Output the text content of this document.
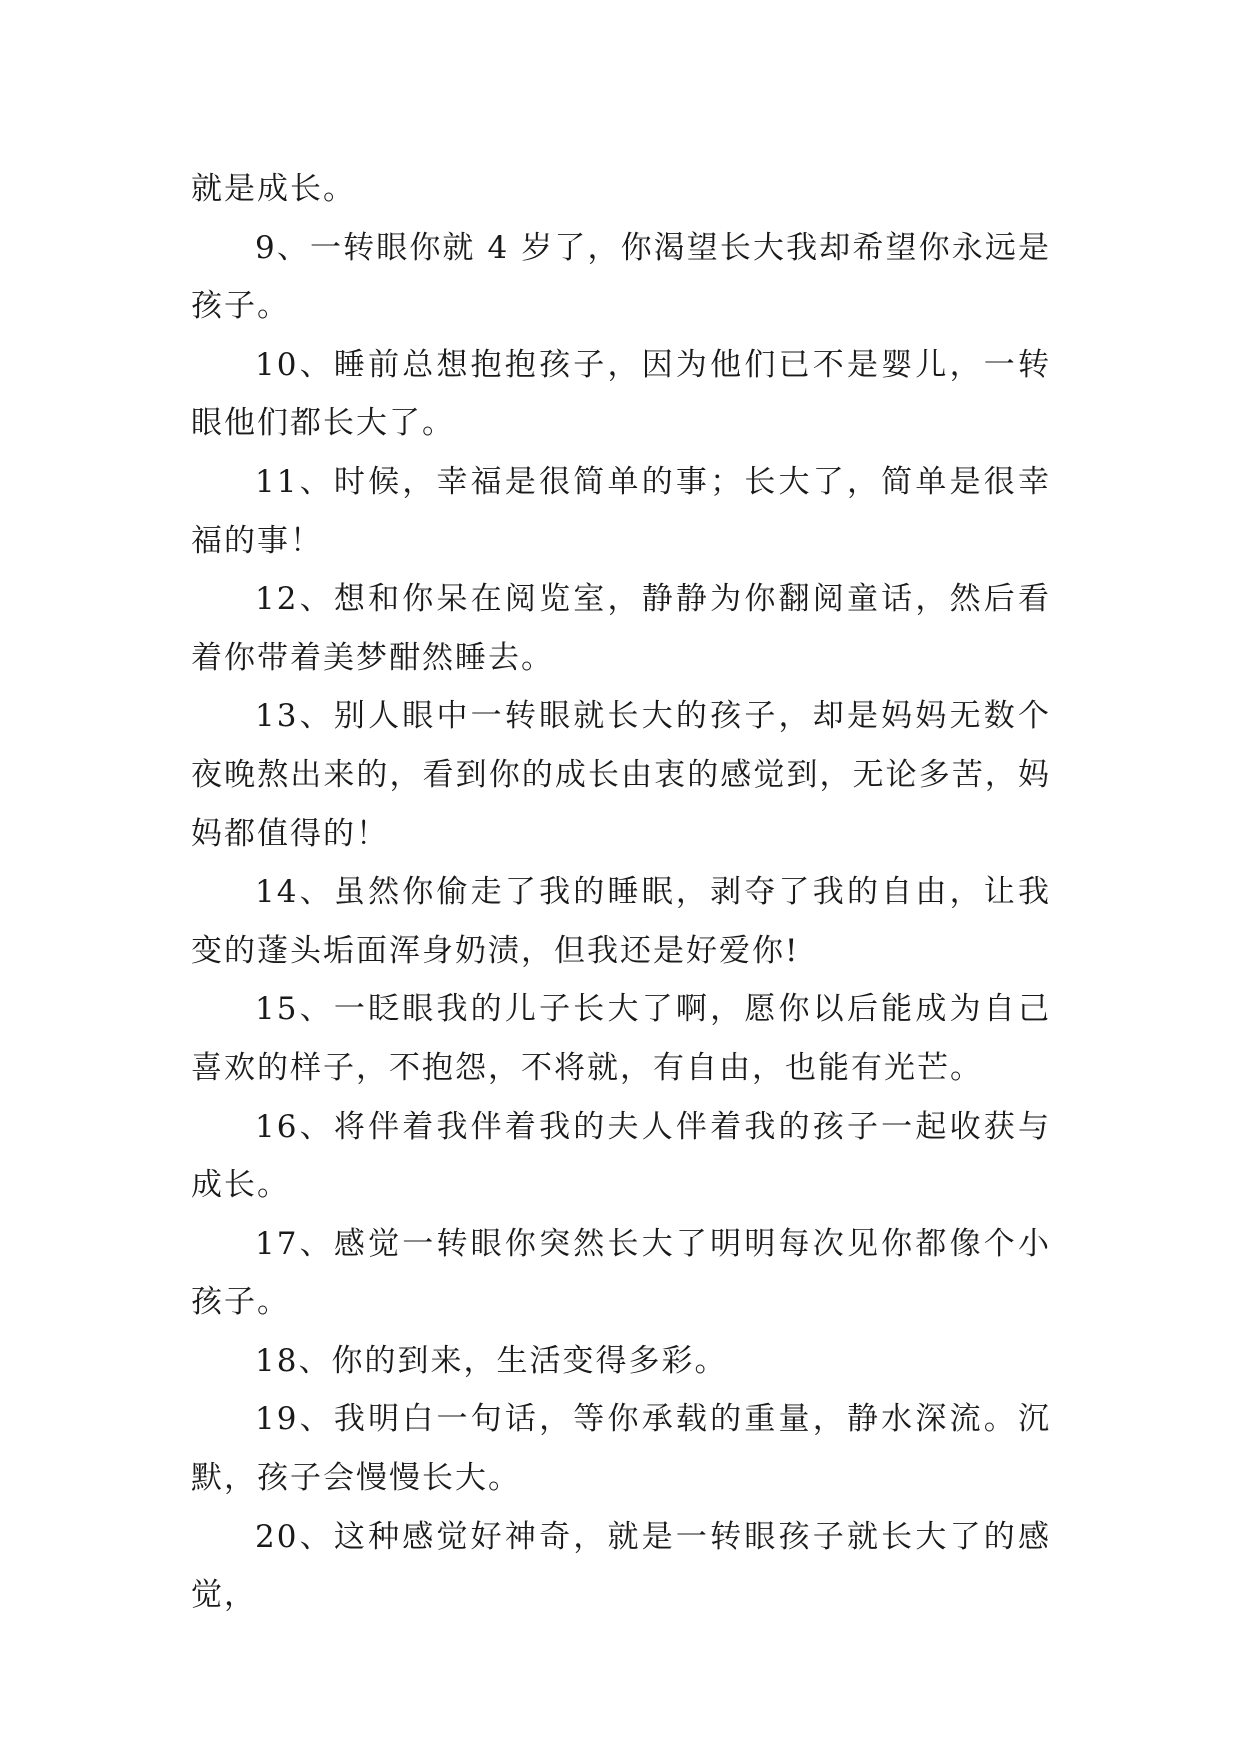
就是成长。

9、一转眼你就 4 岁了，你渴望长大我却希望你永远是孩子。

10、睡前总想抱抱孩子，因为他们已不是婴儿，一转眼他们都长大了。

11、时候，幸福是很简单的事；长大了，简单是很幸福的事！

12、想和你呆在阅览室，静静为你翻阅童话，然后看着你带着美梦酣然睡去。

13、别人眼中一转眼就长大的孩子，却是妈妈无数个夜晚熬出来的，看到你的成长由衷的感觉到，无论多苦，妈妈都值得的！

14、虽然你偷走了我的睡眠，剥夺了我的自由，让我变的蓬头垢面浑身奶渍，但我还是好爱你!

15、一眨眼我的儿子长大了啊，愿你以后能成为自己喜欢的样子，不抱怨，不将就，有自由，也能有光芒。

16、将伴着我伴着我的夫人伴着我的孩子一起收获与成长。

17、感觉一转眼你突然长大了明明每次见你都像个小孩子。

18、你的到来，生活变得多彩。

19、我明白一句话，等你承载的重量，静水深流。沉默，孩子会慢慢长大。

20、这种感觉好神奇，就是一转眼孩子就长大了的感觉，
